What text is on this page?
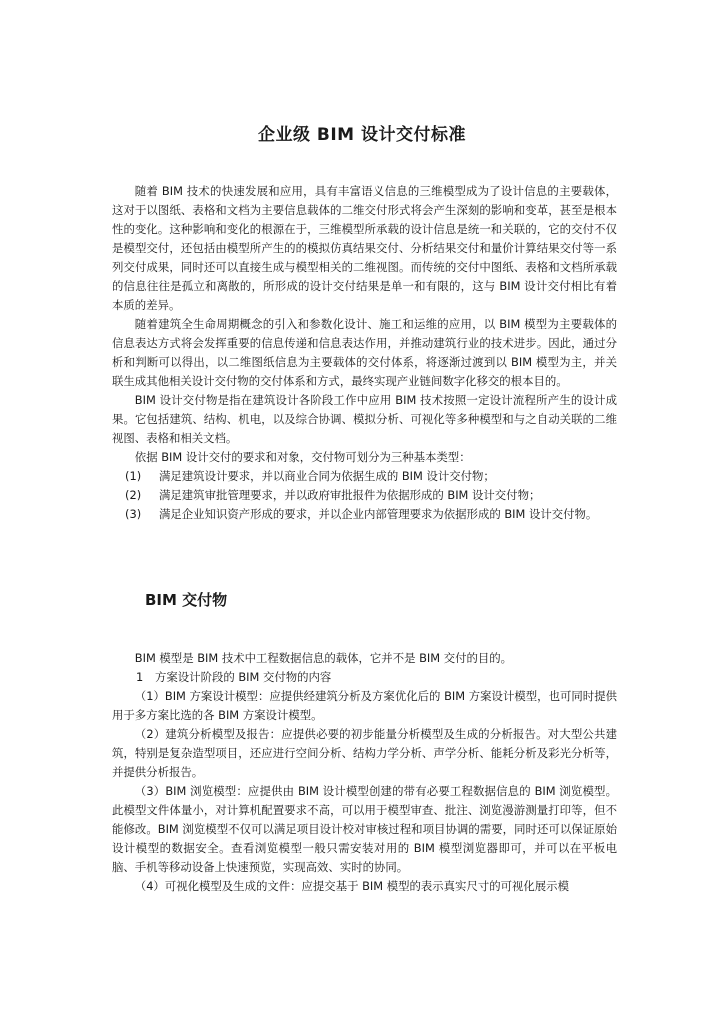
企业级 BIM 设计交付标准

随着 BIM 技术的快速发展和应用，具有丰富语义信息的三维模型成为了设计信息的主要载体，这对于以图纸、表格和文档为主要信息载体的二维交付形式将会产生深刻的影响和变革，甚至是根本性的变化。这种影响和变化的根源在于，三维模型所承载的设计信息是统一和关联的，它的交付不仅是模型交付，还包括由模型所产生的的模拟仿真结果交付、分析结果交付和量价计算结果交付等一系列交付成果，同时还可以直接生成与模型相关的二维视图。而传统的交付中图纸、表格和文档所承载的信息往往是孤立和离散的，所形成的设计交付结果是单一和有限的，这与 BIM 设计交付相比有着本质的差异。

随着建筑全生命周期概念的引入和参数化设计、施工和运维的应用，以 BIM 模型为主要载体的信息表达方式将会发挥重要的信息传递和信息表达作用，并推动建筑行业的技术进步。因此，通过分析和判断可以得出，以二维图纸信息为主要载体的交付体系，将逐渐过渡到以 BIM 模型为主，并关联生成其他相关设计交付物的交付体系和方式，最终实现产业链间数字化移交的根本目的。

BIM 设计交付物是指在建筑设计各阶段工作中应用 BIM 技术按照一定设计流程所产生的设计成果。它包括建筑、结构、机电，以及综合协调、模拟分析、可视化等多种模型和与之自动关联的二维视图、表格和相关文档。

依据 BIM 设计交付的要求和对象，交付物可划分为三种基本类型：

(1) 满足建筑设计要求，并以商业合同为依据生成的 BIM 设计交付物；

(2) 满足建筑审批管理要求，并以政府审批报件为依据形成的 BIM 设计交付物；

(3) 满足企业知识资产形成的要求，并以企业内部管理要求为依据形成的 BIM 设计交付物。

BIM 交付物

BIM 模型是 BIM 技术中工程数据信息的载体，它并不是 BIM 交付的目的。

1	方案设计阶段的 BIM 交付物的内容

（1）BIM 方案设计模型：应提供经建筑分析及方案优化后的 BIM 方案设计模型，也可同时提供用于多方案比选的各 BIM 方案设计模型。

（2）建筑分析模型及报告：应提供必要的初步能量分析模型及生成的分析报告。对大型公共建筑，特别是复杂造型项目，还应进行空间分析、结构力学分析、声学分析、能耗分析及彩光分析等，并提供分析报告。

（3）BIM 浏览模型：应提供由 BIM 设计模型创建的带有必要工程数据信息的 BIM 浏览模型。此模型文件体量小，对计算机配置要求不高，可以用于模型审查、批注、浏览漫游测量打印等，但不能修改。BIM 浏览模型不仅可以满足项目设计校对审核过程和项目协调的需要，同时还可以保证原始设计模型的数据安全。查看浏览模型一般只需安装对用的 BIM 模型浏览器即可，并可以在平板电脑、手机等移动设备上快速预览，实现高效、实时的协同。

（4）可视化模型及生成的文件：应提交基于 BIM 模型的表示真实尺寸的可视化展示模
